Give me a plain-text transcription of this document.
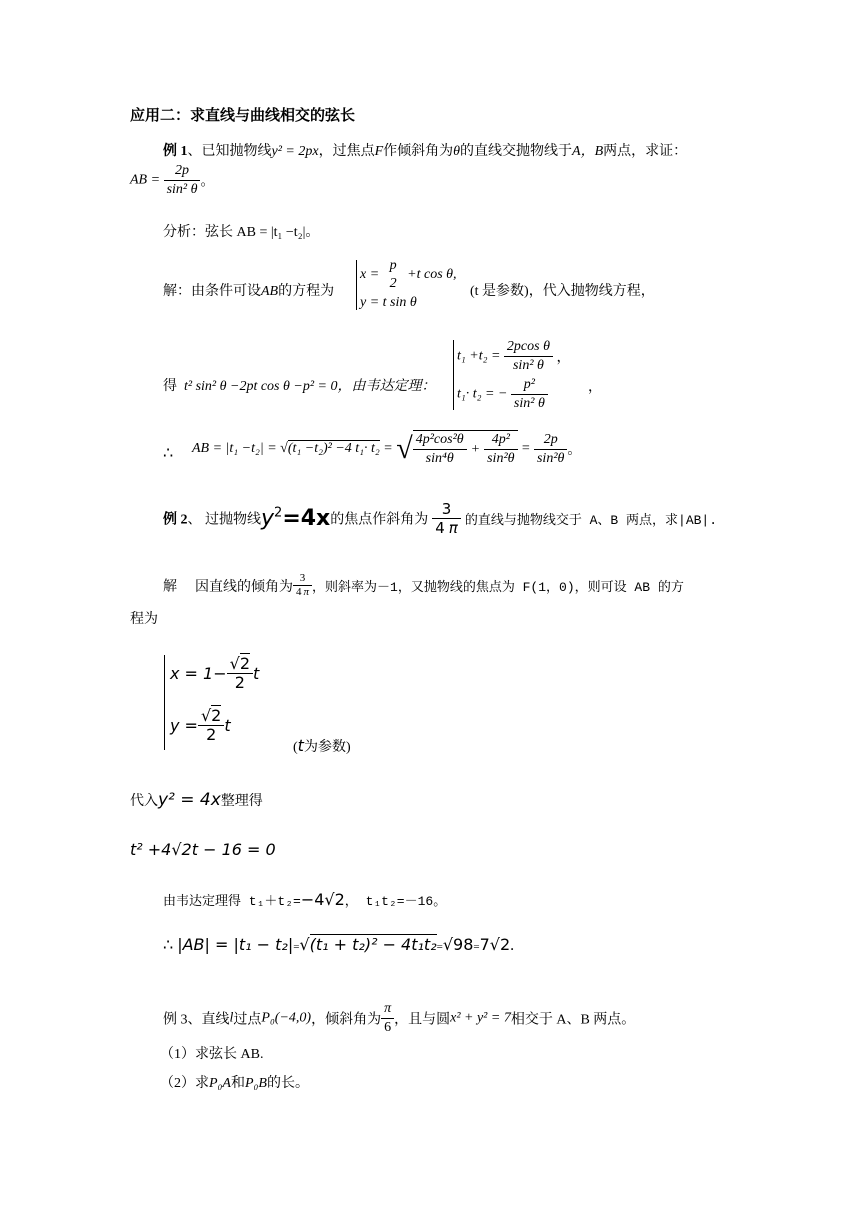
应用二：求直线与曲线相交的弦长
例 1、已知抛物线y² = 2px，过焦点F作倾斜角为θ的直线交抛物线于A，B两点，求证：
AB = $\frac{2p}{\text{sin² θ}}$ 。
分析：弦长 AB = |t₁ −t₂|。
解：由条件可设AB的方程为
x =
p
2
+t cos θ,
y = t sin θ
(t 是参数)，代入抛物线方程，
得 t² sin² θ −2pt cos θ −p² = 0，由韦达定理：
$t_1 +t_2 = \frac{\text{2pcos θ}}{\text{sin² θ}}$ ，
t₁· t₂ = − $\frac{\text{p²}}{\text{sin² θ}}$	，
∴ AB = |t₁ −t₂| = √(t₁ −t₂)² −4 t₁· t₂ = √ $\frac{\text{4p²cos²θ}}{\text{sin⁴θ}} + \frac{\text{4p²}}{\text{sin²θ}} = \frac{2p}{\text{sin²θ}}$ 。
例 2、 过抛物线$y^2=4x$的焦点作斜角为 $\frac{3}{4 \pi}$ 的直线与抛物线交于 A、B 两点，求|AB|.
解 因直线的倾角为 $\frac{3}{4 \pi}$ ，则斜率为－1，又抛物线的焦点为 F(1，0)，则可设 AB 的方
程为
$x = 1- \frac{√2}{2}$ t
$y = \frac{√2}{2}$ t
(t为参数)
代入y² = 4x整理得
t² +4√2t − 16 = 0
由韦达定理得 t₁＋t₂=−4√2， t₁t₂=－16。
∴ |AB| = |t₁ − t₂|=√(t₁ + t₂)² − 4t₁t₂=√98=7√2.
例 3、直线l过点P₀(−4,0)，倾斜角为 $\frac{\pi}{6}$ ，且与圆x² + y² = 7相交于 A、B 两点。
（1）求弦长 AB.
（2）求P₀A和P₀B的长。
